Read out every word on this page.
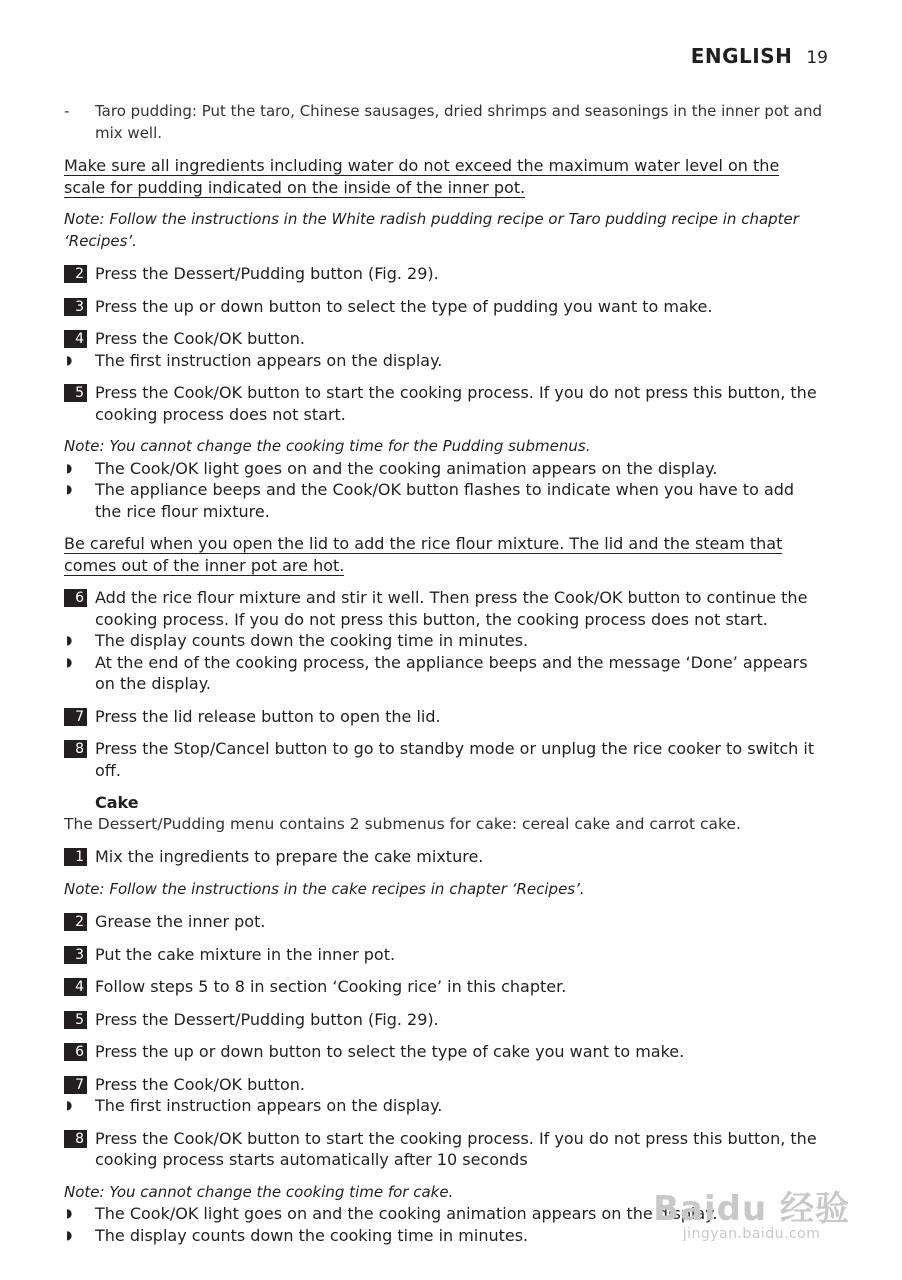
ENGLISH 19
- Taro pudding: Put the taro, Chinese sausages, dried shrimps and seasonings in the inner pot and mix well.
Make sure all ingredients including water do not exceed the maximum water level on the scale for pudding indicated on the inside of the inner pot.
Note: Follow the instructions in the White radish pudding recipe or Taro pudding recipe in chapter ‘Recipes’.
2 Press the Dessert/Pudding button (Fig. 29).
3 Press the up or down button to select the type of pudding you want to make.
4 Press the Cook/OK button.
◗ The first instruction appears on the display.
5 Press the Cook/OK button to start the cooking process. If you do not press this button, the cooking process does not start.
Note: You cannot change the cooking time for the Pudding submenus.
◗ The Cook/OK light goes on and the cooking animation appears on the display.
◗ The appliance beeps and the Cook/OK button flashes to indicate when you have to add the rice flour mixture.
Be careful when you open the lid to add the rice flour mixture. The lid and the steam that comes out of the inner pot are hot.
6 Add the rice flour mixture and stir it well. Then press the Cook/OK button to continue the cooking process. If you do not press this button, the cooking process does not start.
◗ The display counts down the cooking time in minutes.
◗ At the end of the cooking process, the appliance beeps and the message ‘Done’ appears on the display.
7 Press the lid release button to open the lid.
8 Press the Stop/Cancel button to go to standby mode or unplug the rice cooker to switch it off.
Cake
The Dessert/Pudding menu contains 2 submenus for cake: cereal cake and carrot cake.
1 Mix the ingredients to prepare the cake mixture.
Note: Follow the instructions in the cake recipes in chapter ‘Recipes’.
2 Grease the inner pot.
3 Put the cake mixture in the inner pot.
4 Follow steps 5 to 8 in section ‘Cooking rice’ in this chapter.
5 Press the Dessert/Pudding button (Fig. 29).
6 Press the up or down button to select the type of cake you want to make.
7 Press the Cook/OK button.
◗ The first instruction appears on the display.
8 Press the Cook/OK button to start the cooking process. If you do not press this button, the cooking process starts automatically after 10 seconds
Note: You cannot change the cooking time for cake.
◗ The Cook/OK light goes on and the cooking animation appears on the display.
◗ The display counts down the cooking time in minutes.
Baidu 经验
jingyan.baidu.com
